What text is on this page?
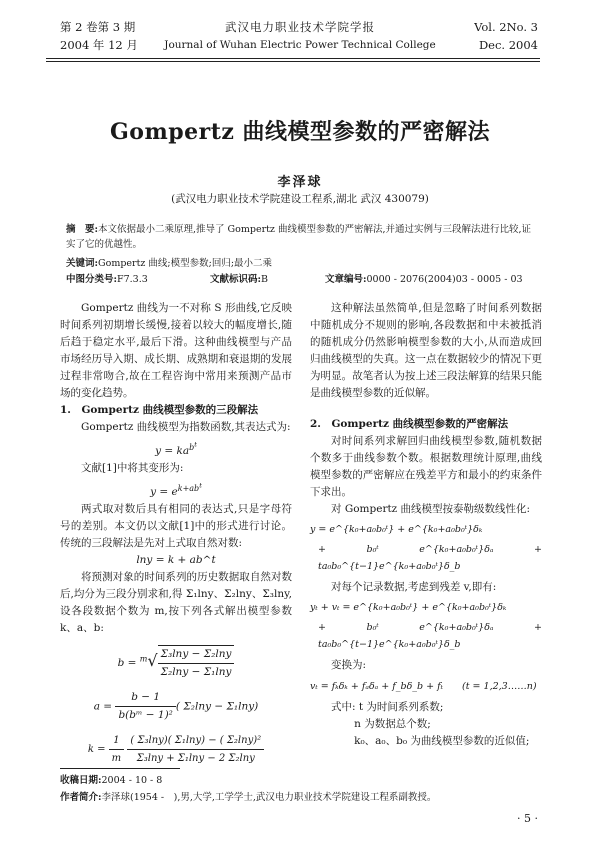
第 2 卷第 3 期
2004 年 12 月
武汉电力职业技术学院学报
Journal of Wuhan Electric Power Technical College
Vol. 2No. 3
Dec. 2004
Gompertz 曲线模型参数的严密解法
李泽球
(武汉电力职业技术学院建设工程系,湖北 武汉 430079)
摘　要:本文依据最小二乘原理,推导了 Gompertz 曲线模型参数的严密解法,并通过实例与三段解法进行比较,证实了它的优越性。
关键词:Gompertz 曲线;模型参数;回归;最小二乘
中图分类号:F7.3.3	文献标识码:B	文章编号:0000 - 2076(2004)03 - 0005 - 03

Gompertz 曲线为一不对称 S 形曲线,它反映时间系列初期增长缓慢,接着以较大的幅度增长,随后趋于稳定水平,最后下滑。这种曲线模型与产品市场经历导入期、成长期、成熟期和衰退期的发展过程非常吻合,故在工程咨询中常用来预测产品市场的变化趋势。

1.　Gompertz 曲线模型参数的三段解法

Gompertz 曲线模型为指数函数,其表达式为:

$y = ka^{b^t}$

文献[1]中将其变形为:

$y = e^{k+ab^t}$

两式取对数后具有相同的表达式,只是字母符号的差别。本文仍以文献[1]中的形式进行讨论。传统的三段解法是先对上式取自然对数:

lny = k + ab^t

将预测对象的时间系列的历史数据取自然对数后,均分为三段分别求和,得 Σ₁lny、Σ₂lny、Σ₃lny,设各段数据个数为 m,按下列各式解出模型参数 k、a、b:

$b = ^m√ \frac{\text{Σ₃lny − Σ₂lny}}{\text{Σ₂lny − Σ₁lny}}$
$a = \frac{b - 1}{\text{b(bᵐ − 1)²}}$ ( Σ₂lny − Σ₁lny)
$k = \frac{1}{m}$
$\frac{\text{( Σ₃lny)( Σ₁lny) − ( Σ₂lny)²}}{\text{Σ₃lny + Σ₁lny − 2 Σ₂lny}}$

这种解法虽然简单,但是忽略了时间系列数据中随机成分不规则的影响,各段数据和中未被抵消的随机成分仍然影响模型参数的大小,从而造成回归曲线模型的失真。这一点在数据较少的情况下更为明显。故笔者认为按上述三段法解算的结果只能是曲线模型参数的近似解。

2.　Gompertz 曲线模型参数的严密解法

对时间系列求解回归曲线模型参数,随机数据个数多于曲线参数个数。根据数理统计原理,曲线模型参数的严密解应在残差平方和最小的约束条件下求出。

对 Gompertz 曲线模型按泰勒级数线性化:

y = e^{k₀+a₀b₀ᵗ} + e^{k₀+a₀b₀ᵗ}δₖ

+ b₀ᵗ e^{k₀+a₀b₀ᵗ}δₐ + ta₀b₀^{t−1}e^{k₀+a₀b₀ᵗ}δ_b

对每个记录数据,考虑到残差 v,即有:

yₜ + vₜ = e^{k₀+a₀b₀ᵗ} + e^{k₀+a₀b₀ᵗ}δₖ

+ b₀ᵗ e^{k₀+a₀b₀ᵗ}δₐ + ta₀b₀^{t−1}e^{k₀+a₀b₀ᵗ}δ_b

变换为:

vₜ = fₖδₖ + fₐδₐ + f_bδ_b + fₜ　　(t = 1,2,3……n)

式中: t 为时间系列系数;

n 为数据总个数;

k₀、a₀、b₀ 为曲线模型参数的近似值;

收稿日期:2004 - 10 - 8
作者简介:李泽球(1954 -　),男,大学,工学学士,武汉电力职业技术学院建设工程系副教授。
· 5 ·
